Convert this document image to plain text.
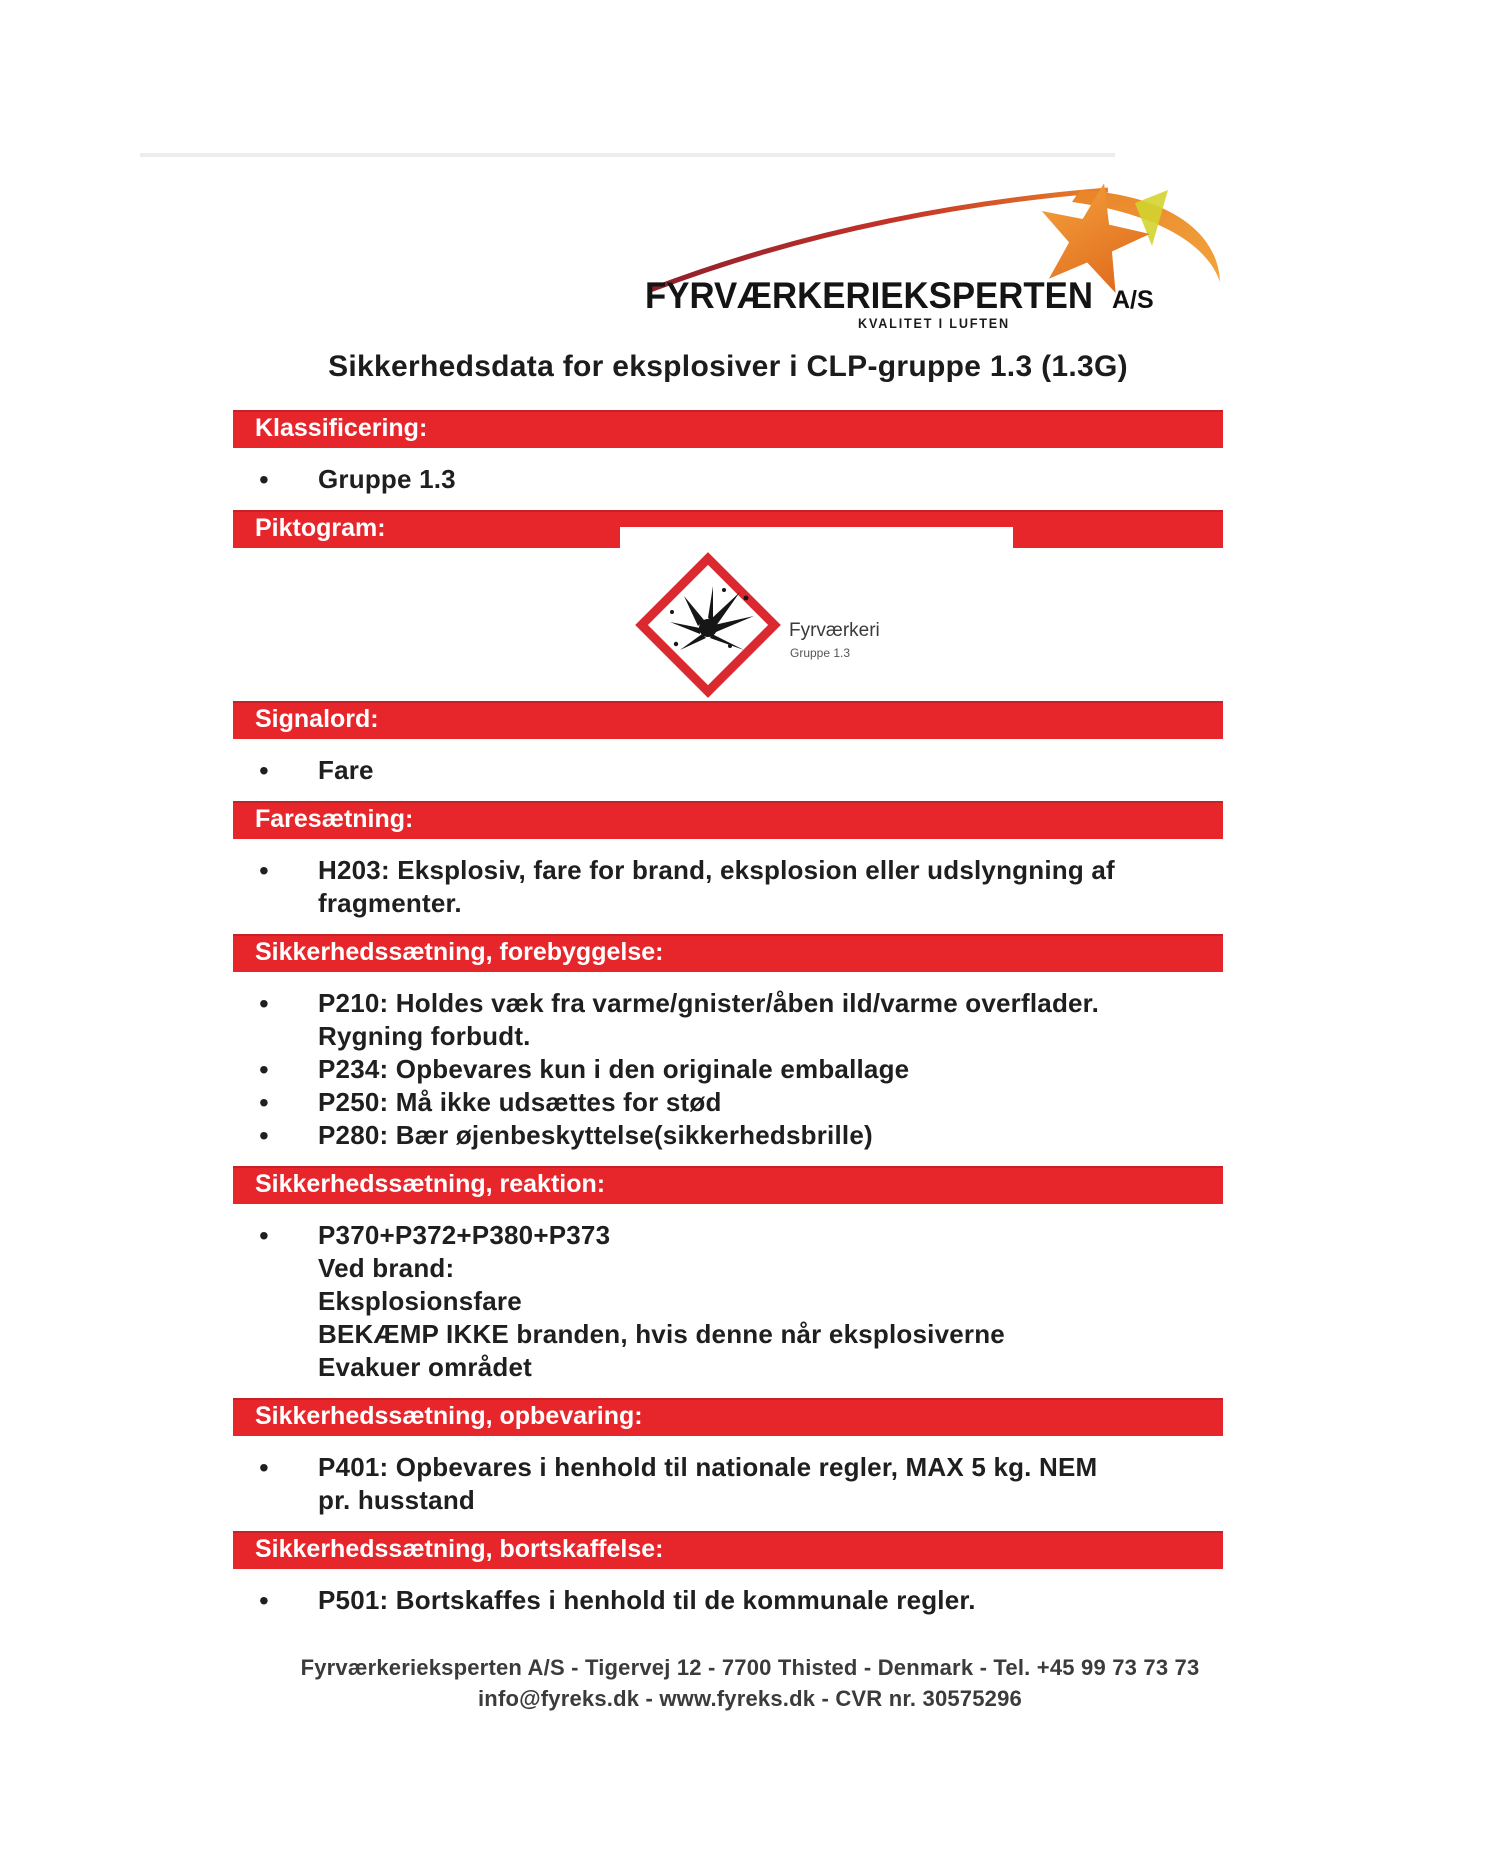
FYRVÆRKERIEKSPERTEN A/S
KVALITET I LUFTEN
Sikkerhedsdata for eksplosiver i CLP-gruppe 1.3 (1.3G)
Klassificering:
•	Gruppe 1.3
Piktogram:
Fyrværkeri
Gruppe 1.3
Signalord:
•	Fare
Faresætning:
•	H203: Eksplosiv, fare for brand, eksplosion eller udslyngning af
fragmenter.
Sikkerhedssætning, forebyggelse:
•	P210: Holdes væk fra varme/gnister/åben ild/varme overflader.
Rygning forbudt.
•	P234: Opbevares kun i den originale emballage
•	P250: Må ikke udsættes for stød
•	P280: Bær øjenbeskyttelse(sikkerhedsbrille)
Sikkerhedssætning, reaktion:
•	P370+P372+P380+P373
Ved brand:
Eksplosionsfare
BEKÆMP IKKE branden, hvis denne når eksplosiverne
Evakuer området
Sikkerhedssætning, opbevaring:
•	P401: Opbevares i henhold til nationale regler, MAX 5 kg. NEM
pr. husstand
Sikkerhedssætning, bortskaffelse:
•	P501: Bortskaffes i henhold til de kommunale regler.
Fyrværkerieksperten A/S - Tigervej 12 - 7700 Thisted - Denmark - Tel. +45 99 73 73 73
info@fyreks.dk - www.fyreks.dk - CVR nr. 30575296
